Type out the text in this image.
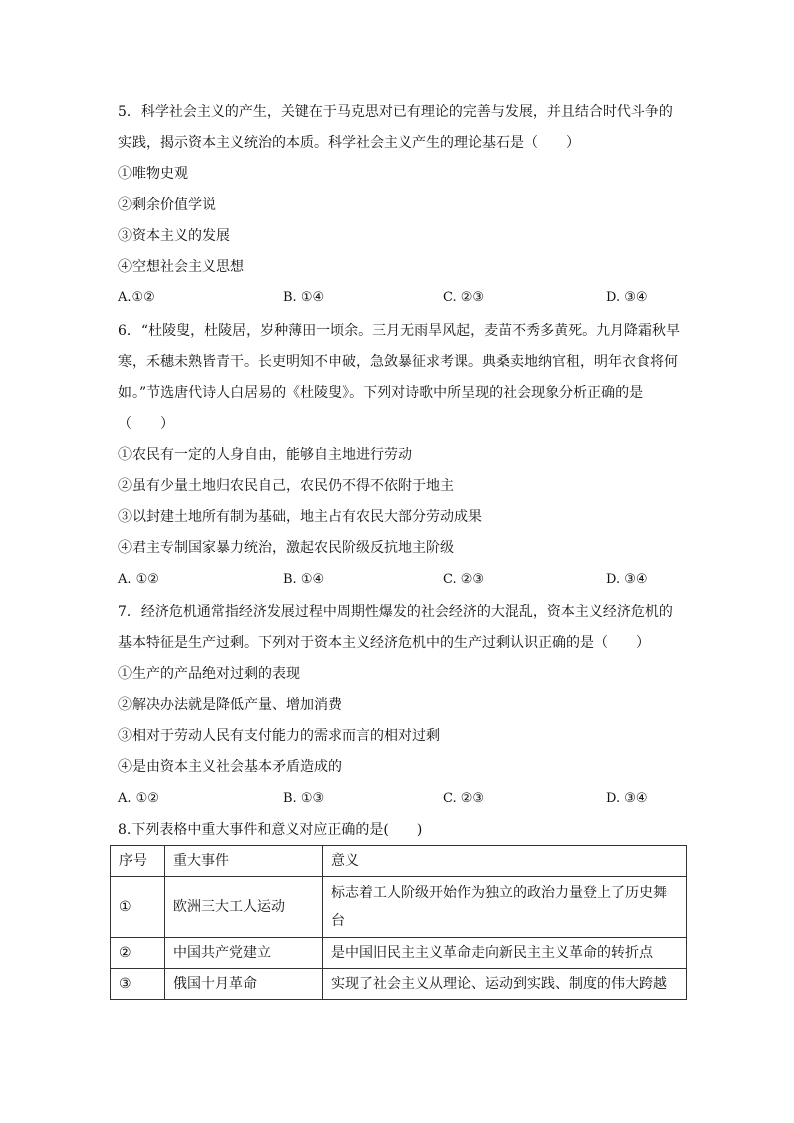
5．科学社会主义的产生，关键在于马克思对已有理论的完善与发展，并且结合时代斗争的
实践，揭示资本主义统治的本质。科学社会主义产生的理论基石是（　　）
①唯物史观
②剩余价值学说
③资本主义的发展
④空想社会主义思想
A.①②	B. ①④	C. ②③	D. ③④
6．“杜陵叟，杜陵居，岁种薄田一顷余。三月无雨旱风起，麦苗不秀多黄死。九月降霜秋早
寒，禾穗未熟皆青干。长吏明知不申破，急敛暴征求考课。典桑卖地纳官租，明年衣食将何
如。”节选唐代诗人白居易的《杜陵叟》。下列对诗歌中所呈现的社会现象分析正确的是
（　　）
①农民有一定的人身自由，能够自主地进行劳动
②虽有少量土地归农民自己，农民仍不得不依附于地主
③以封建土地所有制为基础，地主占有农民大部分劳动成果
④君主专制国家暴力统治，激起农民阶级反抗地主阶级
A. ①②	B. ①④	C. ②③	D. ③④
7．经济危机通常指经济发展过程中周期性爆发的社会经济的大混乱，资本主义经济危机的
基本特征是生产过剩。下列对于资本主义经济危机中的生产过剩认识正确的是（　　）
①生产的产品绝对过剩的表现
②解决办法就是降低产量、增加消费
③相对于劳动人民有支付能力的需求而言的相对过剩
④是由资本主义社会基本矛盾造成的
A. ①②	B. ①③	C. ②③	D. ③④
8.下列表格中重大事件和意义对应正确的是(　　)
序号	重大事件	意义
①	欧洲三大工人运动	标志着工人阶级开始作为独立的政治力量登上了历史舞台
②	中国共产党建立	是中国旧民主主义革命走向新民主主义革命的转折点
③	俄国十月革命	实现了社会主义从理论、运动到实践、制度的伟大跨越
